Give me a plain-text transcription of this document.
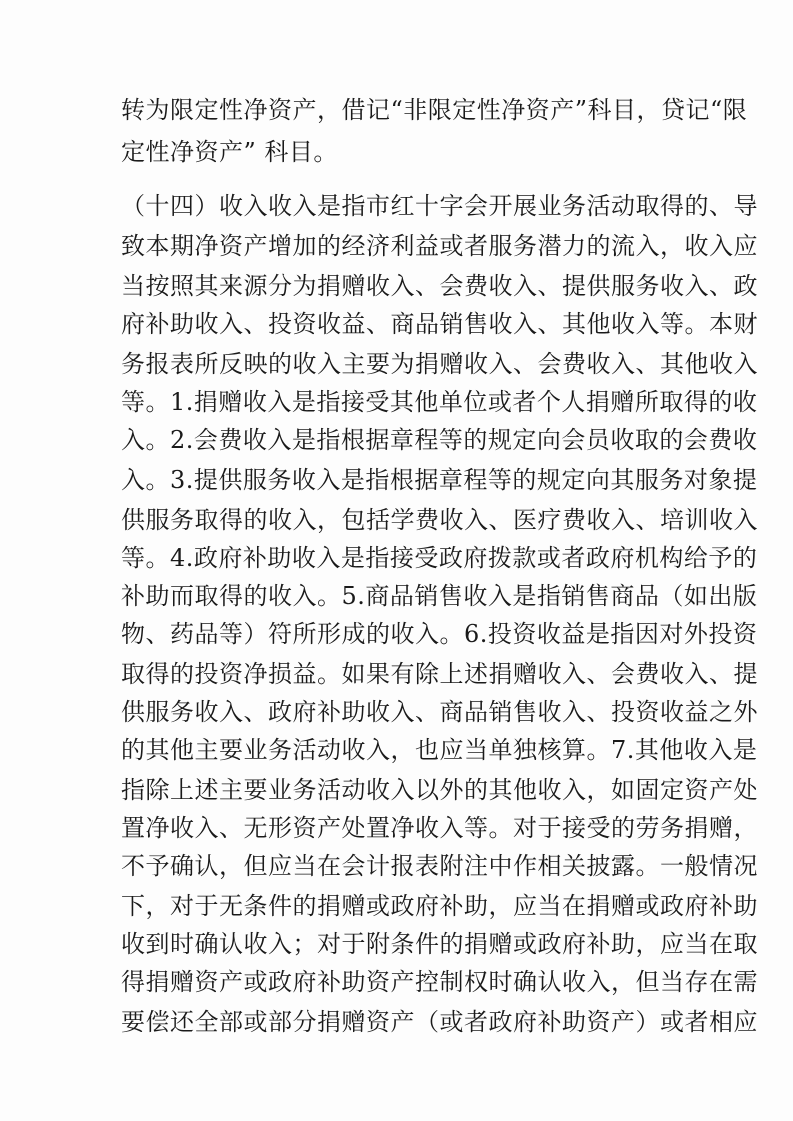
转为限定性净资产，借记“非限定性净资产”科目，贷记“限
定性净资产” 科目。
（十四）收入收入是指市红十字会开展业务活动取得的、导
致本期净资产增加的经济利益或者服务潜力的流入，收入应
当按照其来源分为捐赠收入、会费收入、提供服务收入、政
府补助收入、投资收益、商品销售收入、其他收入等。本财
务报表所反映的收入主要为捐赠收入、会费收入、其他收入
等。1.捐赠收入是指接受其他单位或者个人捐赠所取得的收
入。2.会费收入是指根据章程等的规定向会员收取的会费收
入。3.提供服务收入是指根据章程等的规定向其服务对象提
供服务取得的收入，包括学费收入、医疗费收入、培训收入
等。4.政府补助收入是指接受政府拨款或者政府机构给予的
补助而取得的收入。5.商品销售收入是指销售商品（如出版
物、药品等）符所形成的收入。6.投资收益是指因对外投资
取得的投资净损益。如果有除上述捐赠收入、会费收入、提
供服务收入、政府补助收入、商品销售收入、投资收益之外
的其他主要业务活动收入，也应当单独核算。7.其他收入是
指除上述主要业务活动收入以外的其他收入，如固定资产处
置净收入、无形资产处置净收入等。对于接受的劳务捐赠，
不予确认，但应当在会计报表附注中作相关披露。一般情况
下，对于无条件的捐赠或政府补助，应当在捐赠或政府补助
收到时确认收入；对于附条件的捐赠或政府补助，应当在取
得捐赠资产或政府补助资产控制权时确认收入，但当存在需
要偿还全部或部分捐赠资产（或者政府补助资产）或者相应
